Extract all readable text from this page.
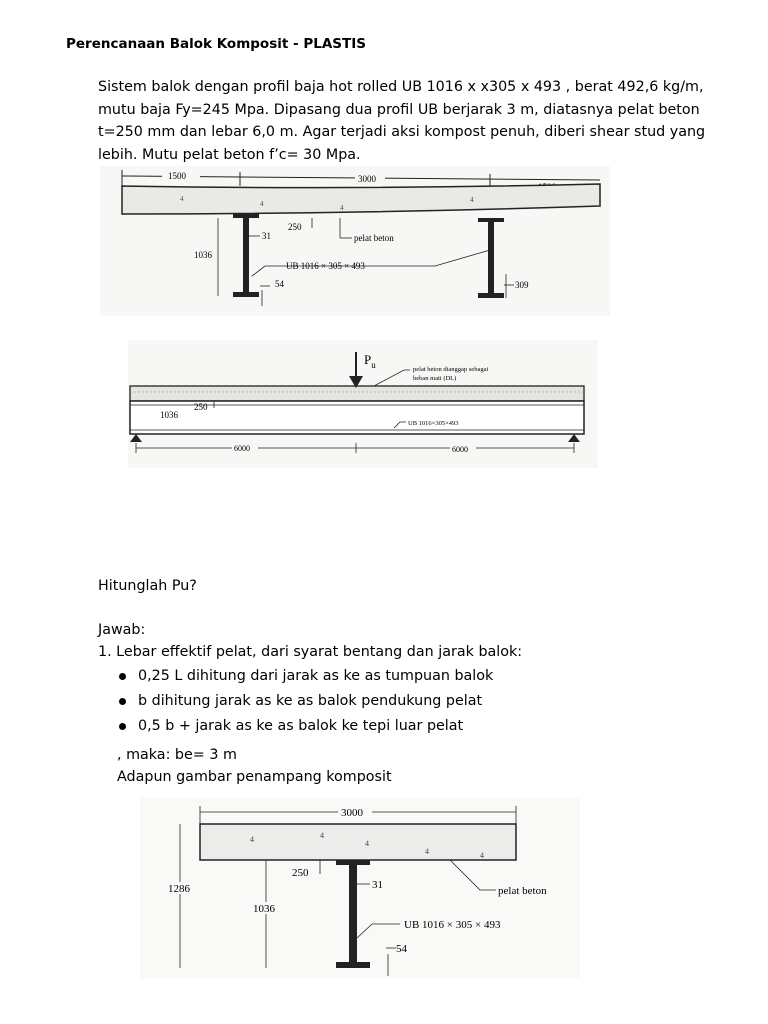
Perencanaan Balok Komposit - PLASTIS
Sistem balok dengan profil baja hot rolled UB 1016 x x305 x 493 , berat 492,6 kg/m,
mutu baja Fy=245 Mpa. Dipasang dua profil UB berjarak 3 m, diatasnya pelat beton
t=250 mm dan lebar 6,0 m. Agar terjadi aksi kompost penuh, diberi shear stud yang
lebih. Mutu pelat beton f’c= 30 Mpa.
1500	3000
4
4	4
4
31
250
pelat beton
1036
UB 1016 × 305 × 493
54	309
$P_u$	pelat beton dianggap sebagai
beban mati (DL)
250
1036
UB 1016×305×493
6000	6000
Hitunglah Pu?
Jawab:
1. Lebar effektif pelat, dari syarat bentang dan jarak balok:
0,25 L dihitung dari jarak as ke as tumpuan balok
b dihitung jarak as ke as balok pendukung pelat
0,5 b + jarak as ke as balok ke tepi luar pelat
, maka: be= 3 m
Adapun gambar penampang komposit
3000
4	4
4
4	4
1286
1036
250
31	pelat beton
UB 1016 × 305 × 493
54
